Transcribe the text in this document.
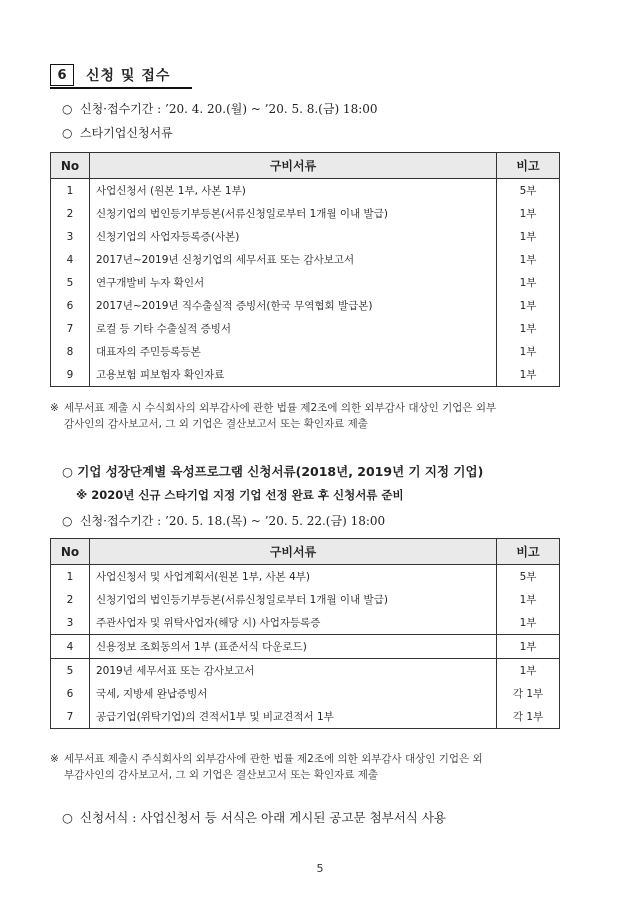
6	신청 및 접수
○ 신청·접수기간 : ’20. 4. 20.(월) ~ ’20. 5. 8.(금) 18:00
○ 스타기업신청서류
No	구비서류	비고
1	사업신청서 (원본 1부, 사본 1부)	5부
2	신청기업의 법인등기부등본(서류신청일로부터 1개월 이내 발급)	1부
3	신청기업의 사업자등록증(사본)	1부
4	2017년~2019년 신청기업의 세무서표 또는 감사보고서	1부
5	연구개발비 누자 확인서	1부
6	2017년~2019년 직수출실적 증빙서(한국 무역협회 발급본)	1부
7	로컬 등 기타 수출실적 증빙서	1부
8	대표자의 주민등록등본	1부
9	고용보험 피보험자 확인자료	1부
※ 세무서표 제출 시 수식회사의 외부감사에 관한 법률 제2조에 의한 외부감사 대상인 기업은 외부
감사인의 감사보고서, 그 외 기업은 결산보고서 또는 확인자료 제출
○ 기업 성장단계별 육성프로그램 신청서류(2018년, 2019년 기 지정 기업)
※ 2020년 신규 스타기업 지정 기업 선정 완료 후 신청서류 준비
○ 신청·접수기간 : ’20. 5. 18.(목) ~ ’20. 5. 22.(금) 18:00
No	구비서류	비고
1	사업신청서 및 사업계획서(원본 1부, 사본 4부)	5부
2	신청기업의 법인등기부등본(서류신청일로부터 1개월 이내 발급)	1부
3	주관사업자 및 위탁사업자(해당 시) 사업자등록증	1부
4	신용정보 조회동의서 1부 (표준서식 다운로드)	1부
5	2019년 세무서표 또는 감사보고서	1부
6	국세, 지방세 완납증빙서	각 1부
7	공급기업(위탁기업)의 견적서1부 및 비교견적서 1부	각 1부
※ 세무서표 제출시 주식회사의 외부감사에 관한 법률 제2조에 의한 외부감사 대상인 기업은 외
부감사인의 감사보고서, 그 외 기업은 결산보고서 또는 확인자료 제출
○ 신청서식 : 사업신청서 등 서식은 아래 게시된 공고문 첨부서식 사용
5
